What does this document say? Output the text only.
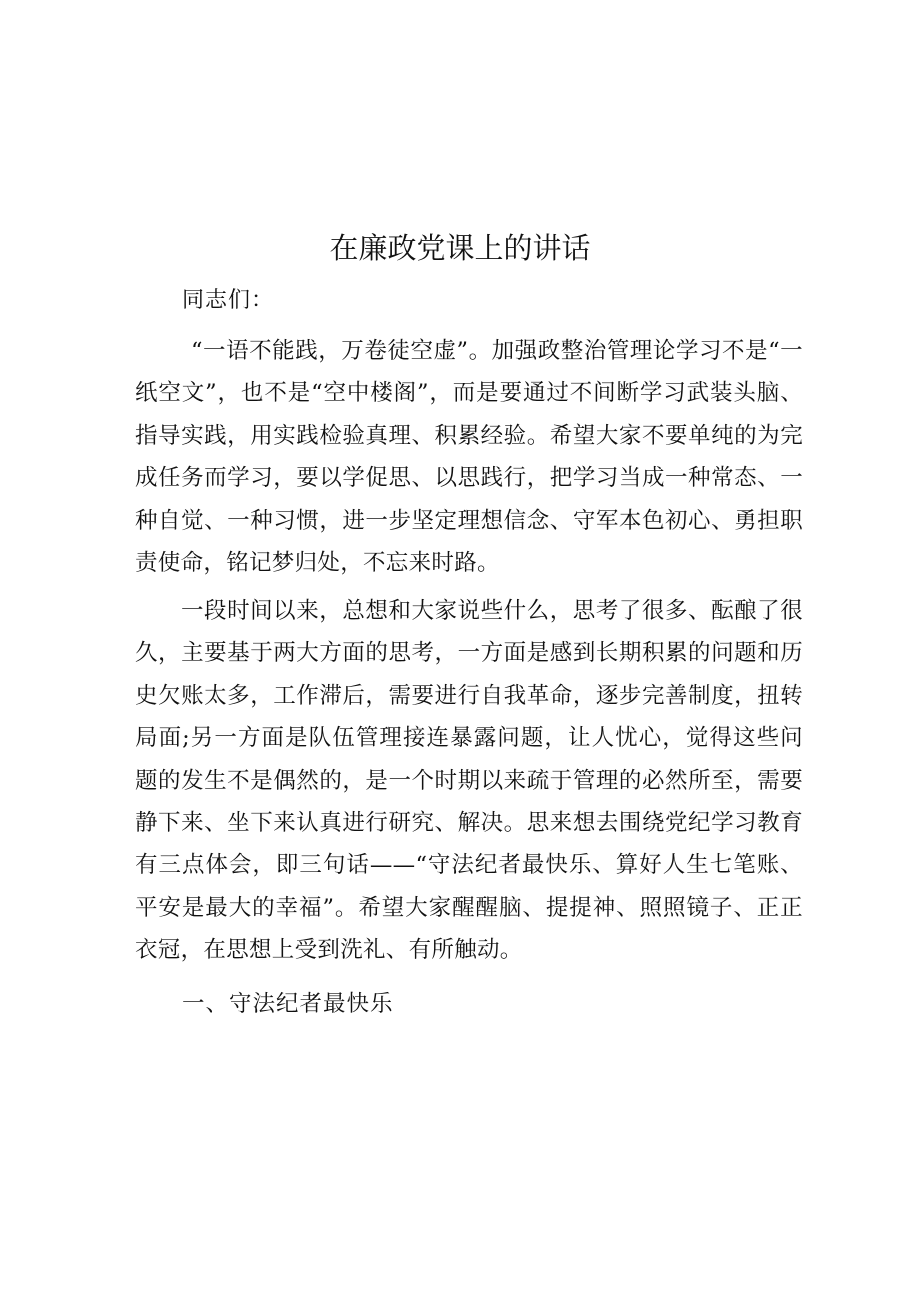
在廉政党课上的讲话
同志们：
“一语不能践，万卷徒空虚”。加强政整治管理论学习不是“一纸空文”，也不是“空中楼阁”，而是要通过不间断学习武装头脑、指导实践，用实践检验真理、积累经验。希望大家不要单纯的为完成任务而学习，要以学促思、以思践行，把学习当成一种常态、一种自觉、一种习惯，进一步坚定理想信念、守军本色初心、勇担职责使命，铭记梦归处，不忘来时路。
一段时间以来，总想和大家说些什么，思考了很多、酝酿了很久，主要基于两大方面的思考，一方面是感到长期积累的问题和历史欠账太多，工作滞后，需要进行自我革命，逐步完善制度，扭转局面;另一方面是队伍管理接连暴露问题，让人忧心，觉得这些问题的发生不是偶然的，是一个时期以来疏于管理的必然所至，需要静下来、坐下来认真进行研究、解决。思来想去围绕党纪学习教育有三点体会，即三句话——“守法纪者最快乐、算好人生七笔账、平安是最大的幸福”。希望大家醒醒脑、提提神、照照镜子、正正衣冠，在思想上受到洗礼、有所触动。
一、守法纪者最快乐
